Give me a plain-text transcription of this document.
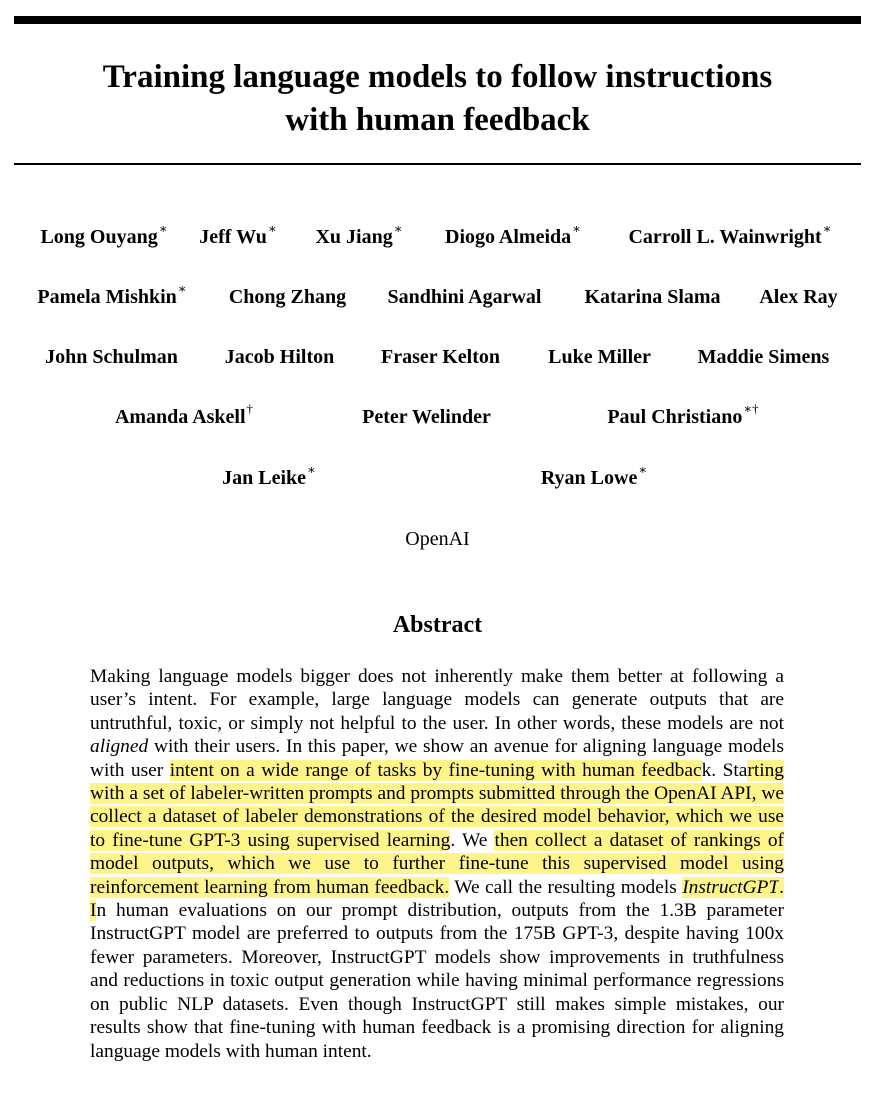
Training language models to follow instructions
with human feedback
Long Ouyang∗ Jeff Wu∗ Xu Jiang∗ Diogo Almeida∗ Carroll L. Wainwright∗
Pamela Mishkin∗ Chong Zhang Sandhini Agarwal Katarina Slama Alex Ray
John Schulman Jacob Hilton Fraser Kelton Luke Miller Maddie Simens
Amanda Askell†	Peter Welinder	Paul Christiano∗†
Jan Leike∗	Ryan Lowe∗
OpenAI
Abstract

Making language models bigger does not inherently make them better at following a user’s intent. For example, large language models can generate outputs that are untruthful, toxic, or simply not helpful to the user. In other words, these models are not aligned with their users. In this paper, we show an avenue for aligning language models with user intent on a wide range of tasks by fine-tuning with human feedback. Starting with a set of labeler-written prompts and prompts submitted through the OpenAI API, we collect a dataset of labeler demonstrations of the desired model behavior, which we use to fine-tune GPT-3 using supervised learning. We then collect a dataset of rankings of model outputs, which we use to further fine-tune this supervised model using reinforcement learning from human feedback. We call the resulting models InstructGPT. In human evaluations on our prompt distribution, outputs from the 1.3B parameter InstructGPT model are preferred to outputs from the 175B GPT-3, despite having 100x fewer parameters. Moreover, InstructGPT models show improvements in truthfulness and reductions in toxic output generation while having minimal performance regressions on public NLP datasets. Even though InstructGPT still makes simple mistakes, our results show that fine-tuning with human feedback is a promising direction for aligning language models with human intent.
